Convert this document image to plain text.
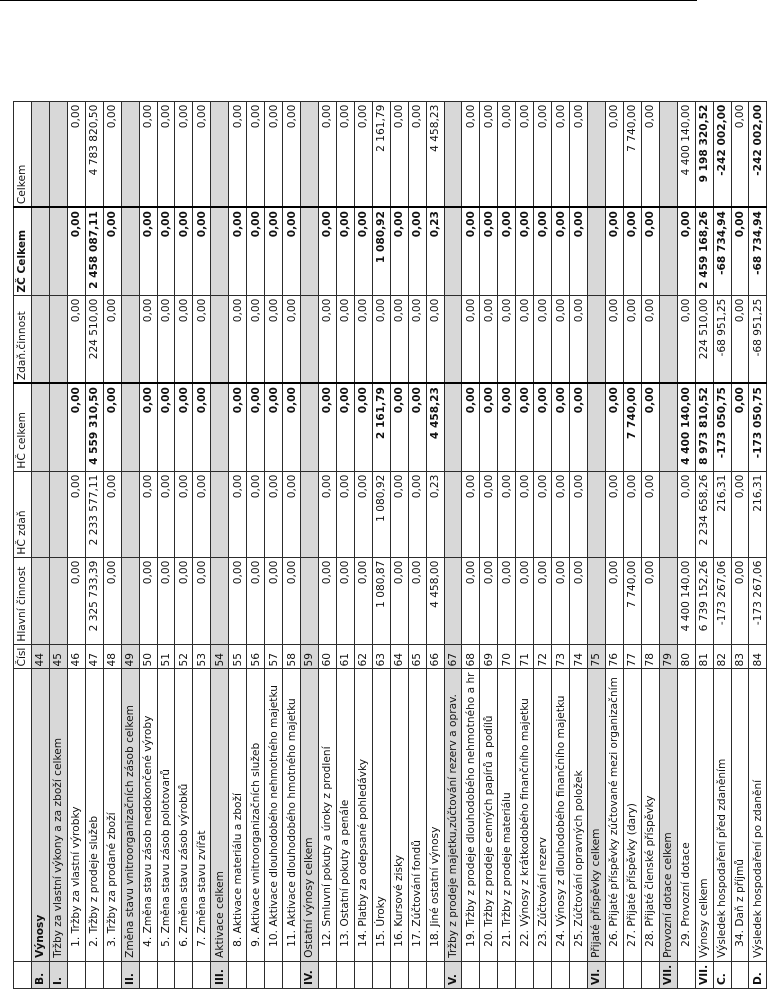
		Čísl	Hlavní činnost	HČ zdaň	HČ celkem	Zdaň.činnost	ZČ Celkem	Celkem
B.	Výnosy	44						
I.	Tržby za vlastní výkony a za zboží celkem	45						
	1. Tržby za vlastní výrobky	46	0,00	0,00	0,00	0,00	0,00	0,00
	2. Tržby z prodeje služeb	47	2 325 733,39	2 233 577,11	4 559 310,50	224 510,00	2 458 087,11	4 783 820,50
	3. Tržby za prodané zboží	48	0,00	0,00	0,00	0,00	0,00	0,00
II.	Změna stavu vnitroorganizačních zásob celkem	49						
	4. Změna stavu zásob nedokončené výroby	50	0,00	0,00	0,00	0,00	0,00	0,00
	5. Změna stavu zásob polotovarů	51	0,00	0,00	0,00	0,00	0,00	0,00
	6. Změna stavu zásob výrobků	52	0,00	0,00	0,00	0,00	0,00	0,00
	7. Změna stavu zvířat	53	0,00	0,00	0,00	0,00	0,00	0,00
III.	Aktivace celkem	54						
	8. Aktivace materiálu a zboží	55	0,00	0,00	0,00	0,00	0,00	0,00
	9. Aktivace vnitroorganizačních služeb	56	0,00	0,00	0,00	0,00	0,00	0,00
	10. Aktivace dlouhodobého nehmotného majetku	57	0,00	0,00	0,00	0,00	0,00	0,00
	11. Aktivace dlouhodobého hmotného majetku	58	0,00	0,00	0,00	0,00	0,00	0,00
IV.	Ostatní výnosy celkem	59						
	12. Smluvní pokuty a úroky z prodlení	60	0,00	0,00	0,00	0,00	0,00	0,00
	13. Ostatní pokuty a penále	61	0,00	0,00	0,00	0,00	0,00	0,00
	14. Platby za odepsané pohledávky	62	0,00	0,00	0,00	0,00	0,00	0,00
	15. Úroky	63	1 080,87	1 080,92	2 161,79	0,00	1 080,92	2 161,79
	16. Kursové zisky	64	0,00	0,00	0,00	0,00	0,00	0,00
	17. Zúčtování fondů	65	0,00	0,00	0,00	0,00	0,00	0,00
	18. Jiné ostatní výnosy	66	4 458,00	0,23	4 458,23	0,00	0,23	4 458,23
V.	Tržby z prodeje majetku,zúčtování rezerv a oprav.	67						
	19. Tržby z prodeje dlouhodobého nehmotného a hr	68	0,00	0,00	0,00	0,00	0,00	0,00
	20. Tržby z prodeje cenných papírů a podílů	69	0,00	0,00	0,00	0,00	0,00	0,00
	21. Tržby z prodeje materiálu	70	0,00	0,00	0,00	0,00	0,00	0,00
	22. Výnosy z krátkodobého finančního majetku	71	0,00	0,00	0,00	0,00	0,00	0,00
	23. Zúčtování rezerv	72	0,00	0,00	0,00	0,00	0,00	0,00
	24. Výnosy z dlouhodobého finančního majetku	73	0,00	0,00	0,00	0,00	0,00	0,00
	25. Zúčtování opravných položek	74	0,00	0,00	0,00	0,00	0,00	0,00
VI.	Přijaté příspěvky celkem	75						
	26. Přijaté příspěvky zúčtované mezi organizačním	76	0,00	0,00	0,00	0,00	0,00	0,00
	27. Přijaté příspěvky (dary)	77	7 740,00	0,00	7 740,00	0,00	0,00	7 740,00
	28. Přijaté členské příspěvky	78	0,00	0,00	0,00	0,00	0,00	0,00
VII.	Provozní dotace celkem	79						
	29. Provozní dotace	80	4 400 140,00	0,00	4 400 140,00	0,00	0,00	4 400 140,00
VII.	Výnosy celkem	81	6 739 152,26	2 234 658,26	8 973 810,52	224 510,00	2 459 168,26	9 198 320,52
C.	Výsledek hospodaření před zdaněním	82	-173 267,06	216,31	-173 050,75	-68 951,25	-68 734,94	-242 002,00
	34. Daň z příjmů	83	0,00	0,00	0,00	0,00	0,00	0,00
D.	Výsledek hospodaření po zdanění	84	-173 267,06	216,31	-173 050,75	-68 951,25	-68 734,94	-242 002,00
